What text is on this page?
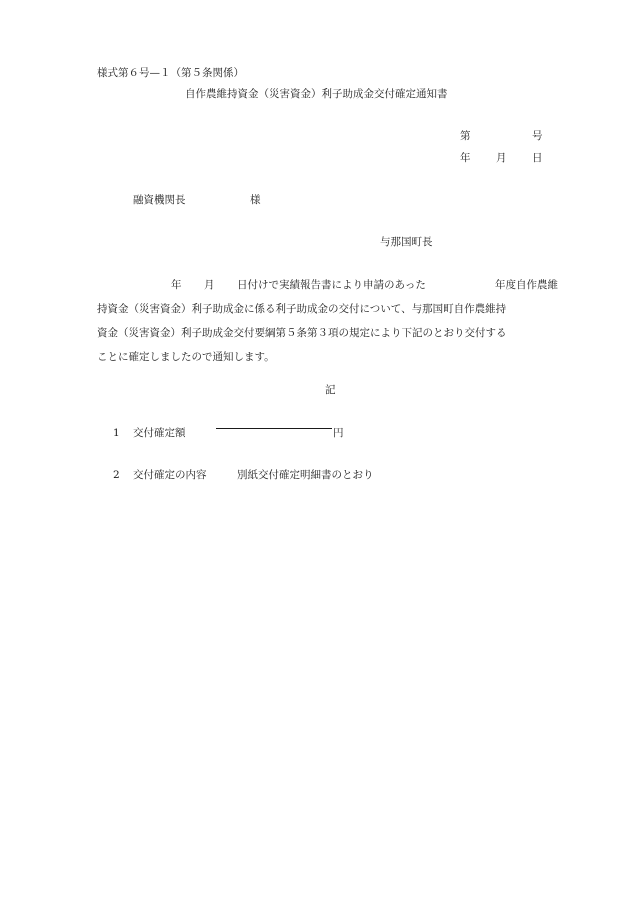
様式第６号—１（第５条関係）
自作農維持資金（災害資金）利子助成金交付確定通知書
第	号
年 月 日
融資機関長	様
与那国町長
年 月 日付けで実績報告書により申請のあった	年度自作農維
持資金（災害資金）利子助成金に係る利子助成金の交付について、与那国町自作農維持
資金（災害資金）利子助成金交付要綱第５条第３項の規定により下記のとおり交付する
ことに確定しましたので通知します。
記
1 交付確定額	円
2 交付確定の内容	別紙交付確定明細書のとおり
